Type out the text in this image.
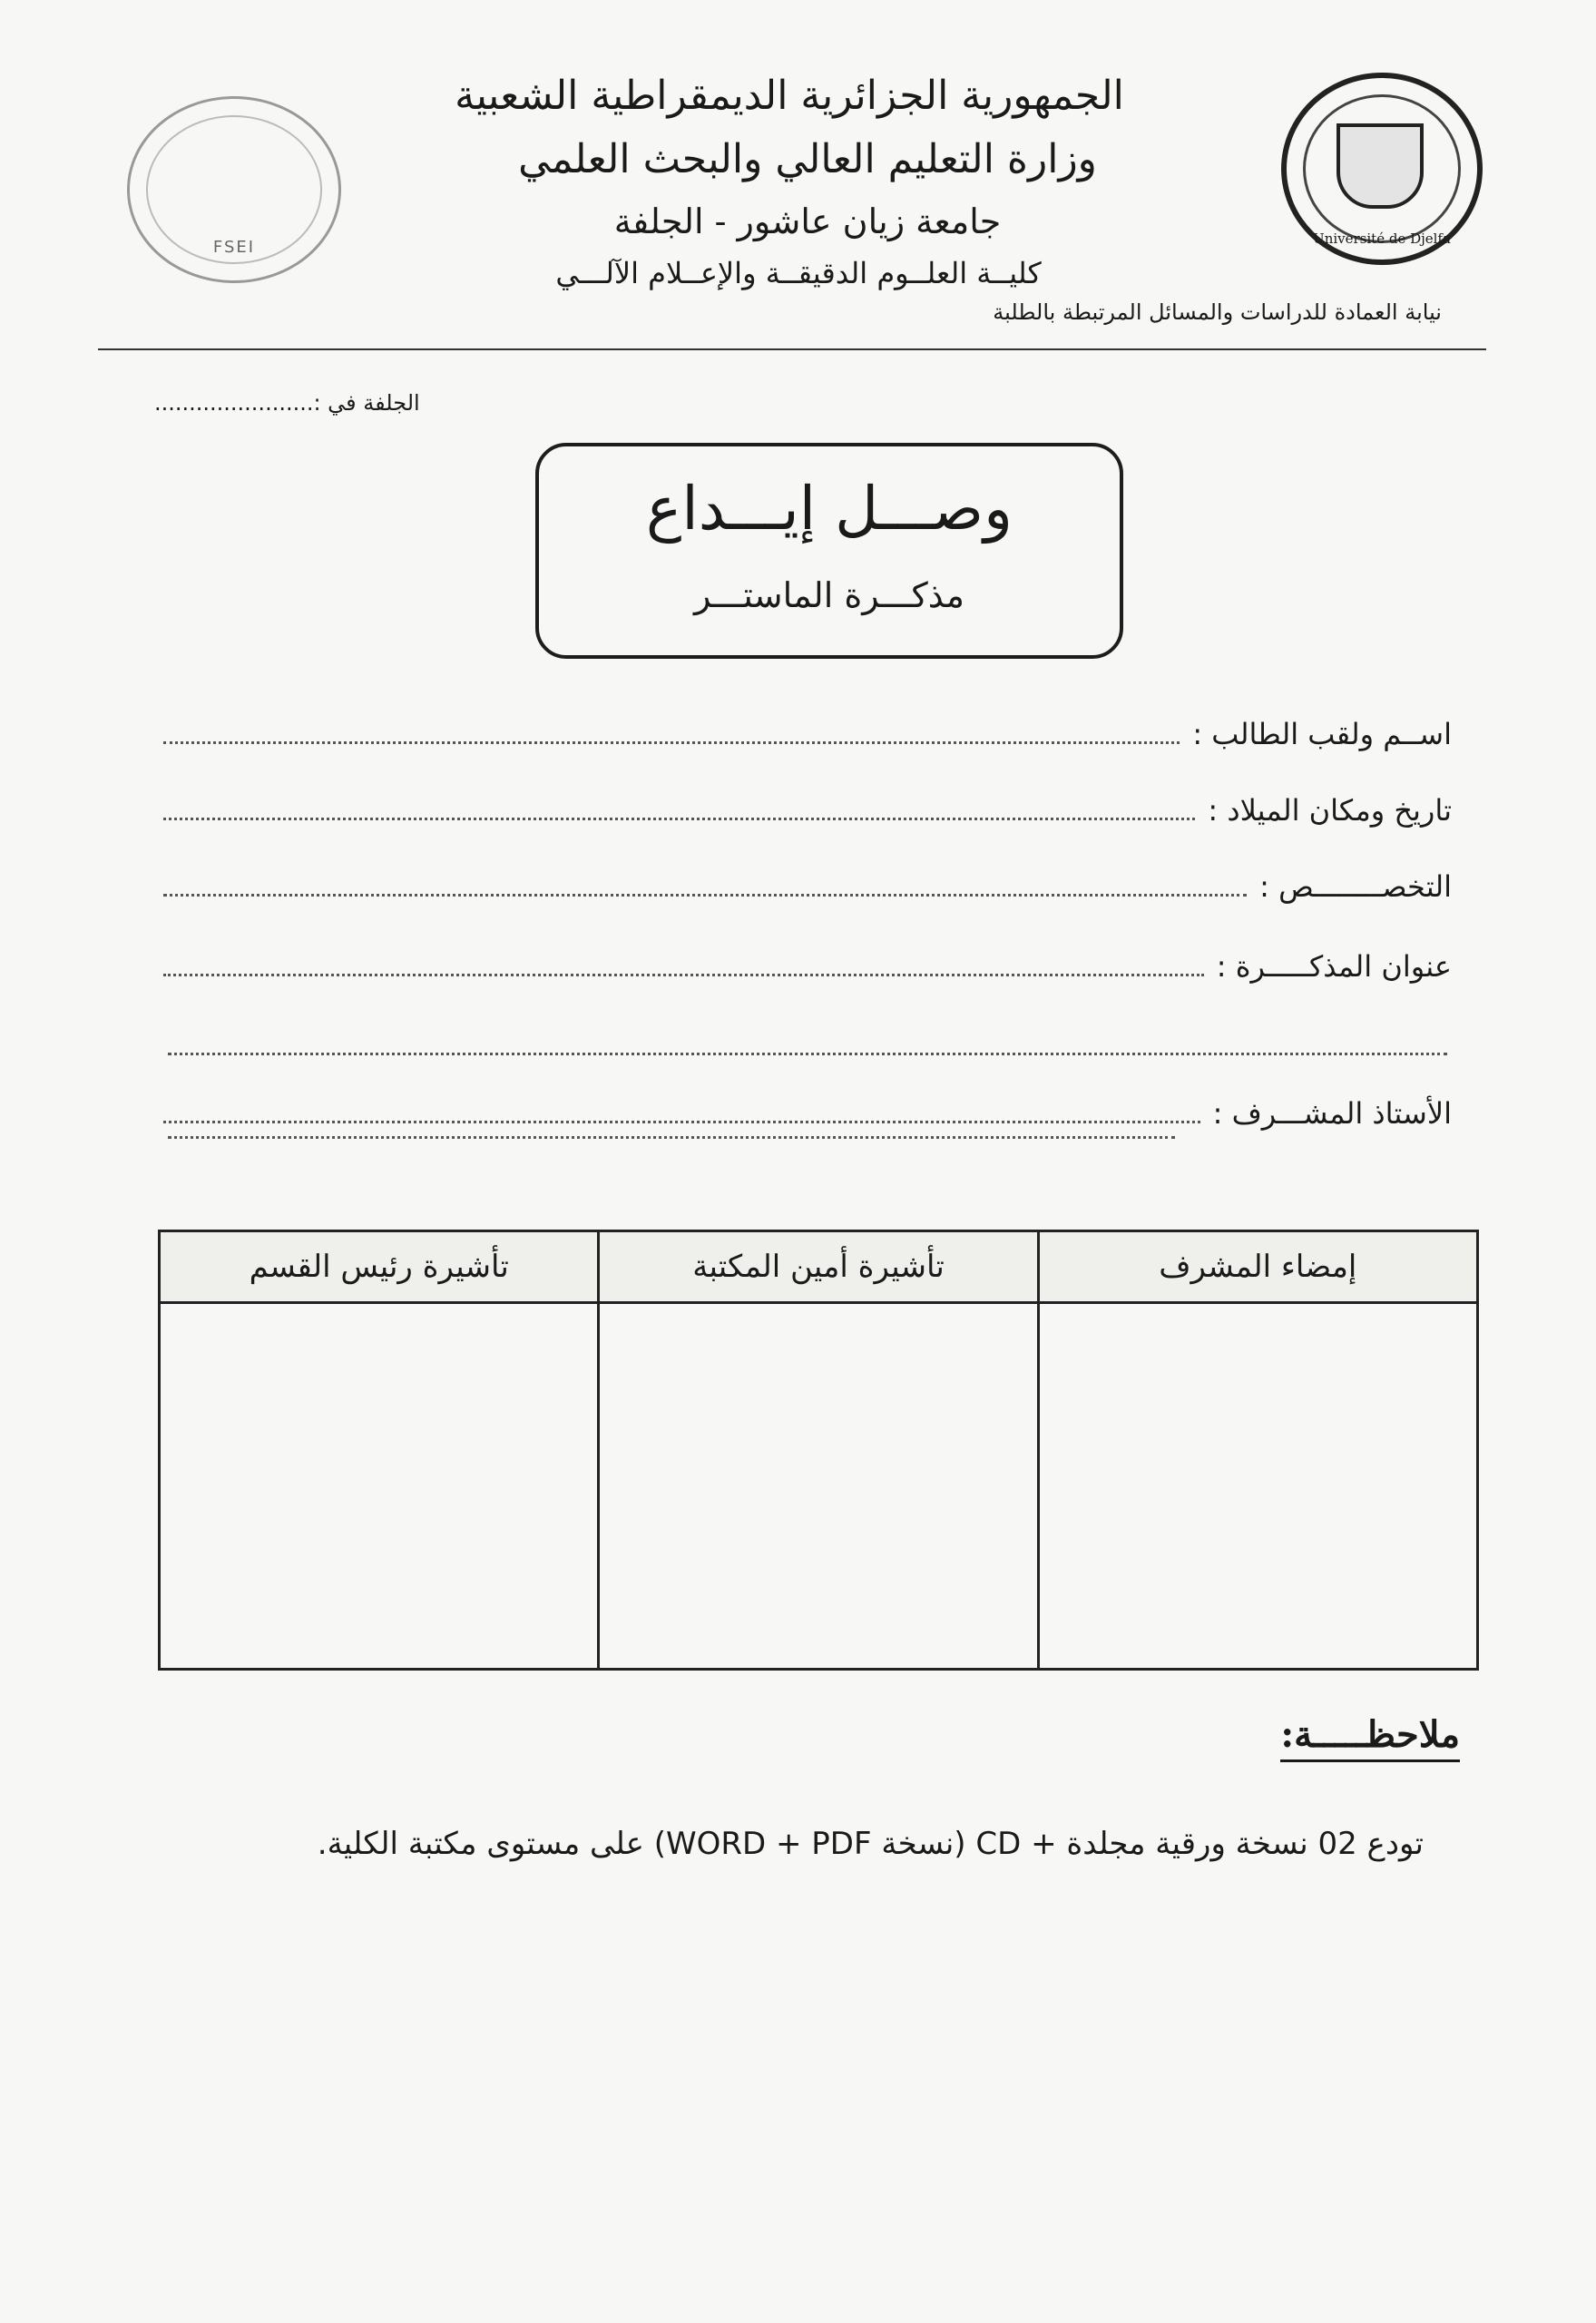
FSEI	Université de Djelfa
الجمهورية الجزائرية الديمقراطية الشعبية
وزارة التعليم العالي والبحث العلمي
جامعة زيان عاشور - الجلفة
كليــة العلــوم الدقيقــة والإعــلام الآلـــي
نيابة العمادة للدراسات والمسائل المرتبطة بالطلبة
الجلفة في :.......................
وصـــل إيـــداع
مذكـــرة الماستـــر
اســم ولقب الطالب :
تاريخ ومكان الميلاد :
التخصــــــــص :
عنوان المذكـــــرة :
الأستاذ المشـــرف :
إمضاء المشرف
تأشيرة أمين المكتبة
تأشيرة رئيس القسم
ملاحظـــــة:
تودع 02 نسخة ورقية مجلدة + CD (نسخة WORD + PDF) على مستوى مكتبة الكلية.
